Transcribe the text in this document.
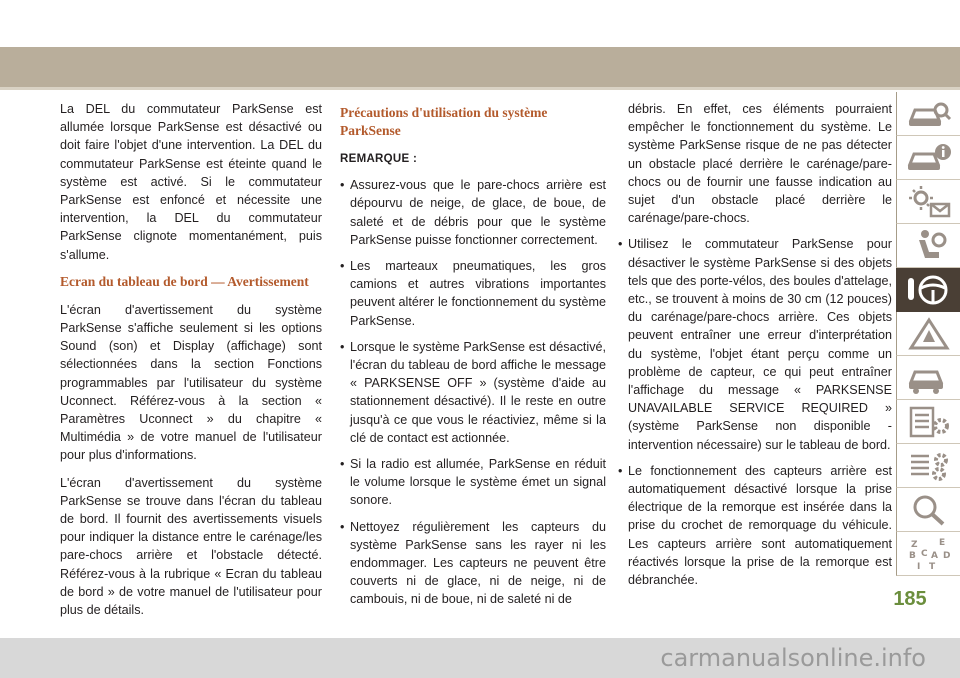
La DEL du commutateur ParkSense est allumée lorsque ParkSense est désactivé ou doit faire l'objet d'une intervention. La DEL du commutateur ParkSense est éteinte quand le système est activé. Si le commutateur ParkSense est enfoncé et nécessite une intervention, la DEL du commutateur ParkSense clignote momentanément, puis s'allume.

Ecran du tableau de bord — Avertissement

L'écran d'avertissement du système ParkSense s'affiche seulement si les options Sound (son) et Display (affichage) sont sélectionnées dans la section Fonctions programmables par l'utilisateur du système Uconnect. Référez-vous à la section « Paramètres Uconnect » du chapitre « Multimédia » de votre manuel de l'utilisateur pour plus d'informations.

L'écran d'avertissement du système ParkSense se trouve dans l'écran du tableau de bord. Il fournit des avertissements visuels pour indiquer la distance entre le carénage/les pare-chocs arrière et l'obstacle détecté. Référez-vous à la rubrique « Ecran du tableau de bord » de votre manuel de l'utilisateur pour plus de détails.

Précautions d'utilisation du système ParkSense
REMARQUE :
• Assurez-vous que le pare-chocs arrière est dépourvu de neige, de glace, de boue, de saleté et de débris pour que le système ParkSense puisse fonctionner correctement.
• Les marteaux pneumatiques, les gros camions et autres vibrations importantes peuvent altérer le fonctionnement du système ParkSense.
• Lorsque le système ParkSense est désactivé, l'écran du tableau de bord affiche le message « PARKSENSE OFF » (système d'aide au stationnement désactivé). Il le reste en outre jusqu'à ce que vous le réactiviez, même si la clé de contact est actionnée.
• Si la radio est allumée, ParkSense en réduit le volume lorsque le système émet un signal sonore.
• Nettoyez régulièrement les capteurs du système ParkSense sans les rayer ni les endommager. Les capteurs ne peuvent être couverts ni de glace, ni de neige, ni de cambouis, ni de boue, ni de saleté ni de
débris. En effet, ces éléments pourraient empêcher le fonctionnement du système. Le système ParkSense risque de ne pas détecter un obstacle placé derrière le carénage/pare-chocs ou de fournir une fausse indication au sujet d'un obstacle placé derrière le carénage/pare-chocs.
• Utilisez le commutateur ParkSense pour désactiver le système ParkSense si des objets tels que des porte-vélos, des boules d'attelage, etc., se trouvent à moins de 30 cm (12 pouces) du carénage/pare-chocs arrière. Ces objets peuvent entraîner une erreur d'interprétation du système, l'objet étant perçu comme un problème de capteur, ce qui peut entraîner l'affichage du message « PARKSENSE UNAVAILABLE SERVICE REQUIRED » (système ParkSense non disponible - intervention nécessaire) sur le tableau de bord.
• Le fonctionnement des capteurs arrière est automatiquement désactivé lorsque la prise électrique de la remorque est insérée dans la prise du crochet de remorquage du véhicule. Les capteurs arrière sont automatiquement réactivés lorsque la prise de la remorque est débranchée.
Z E
B C A D
I T
185
carmanualsonline.info
